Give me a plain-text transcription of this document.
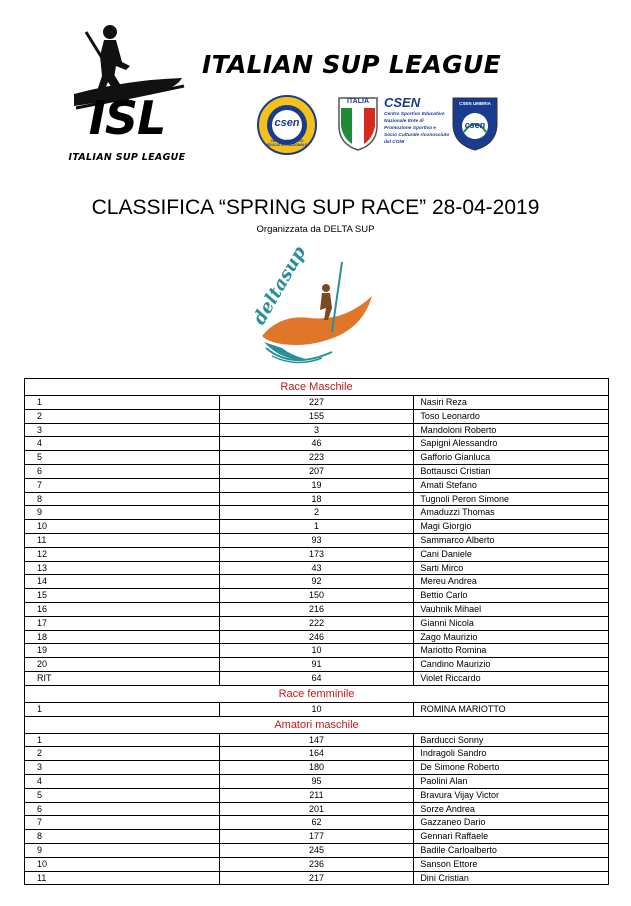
ISL
ITALIAN SUP LEAGUE
ITALIAN SUP LEAGUE
csen
CENTRO SPORTIVO EDUCATIVO NAZIONALE
ITALIA	CSEN
Centro Sportivo Educativo Nazionale Ente di Promozione Sportiva e Socio Culturale riconosciuto dal CONI
CSEN UMBRIA
csen
CLASSIFICA “SPRING SUP RACE” 28-04-2019
Organizzata da DELTA SUP
deltasup
Race Maschile		
1	227	Nasiri Reza
2	155	Toso Leonardo
3	3	Mandoloni Roberto
4	46	Sapigni Alessandro
5	223	Gafforio Gianluca
6	207	Bottausci Cristian
7	19	Amati Stefano
8	18	Tugnoli Peron Simone
9	2	Amaduzzi Thomas
10	1	Magi Giorgio
11	93	Sammarco Alberto
12	173	Cani Daniele
13	43	Sarti Mirco
14	92	Mereu Andrea
15	150	Bettio Carlo
16	216	Vauhnik Mihael
17	222	Gianni Nicola
18	246	Zago Maurizio
19	10	Mariotto Romina
20	91	Candino Maurizio
RIT	64	Violet Riccardo
Race femminile		
1	10	ROMINA MARIOTTO
Amatori maschile		
1	147	Barducci Sonny
2	164	Indragoli Sandro
3	180	De Simone Roberto
4	95	Paolini Alan
5	211	Bravura Vijay Victor
6	201	Sorze Andrea
7	62	Gazzaneo Dario
8	177	Gennari Raffaele
9	245	Badile Carloalberto
10	236	Sanson Ettore
11	217	Dini Cristian
